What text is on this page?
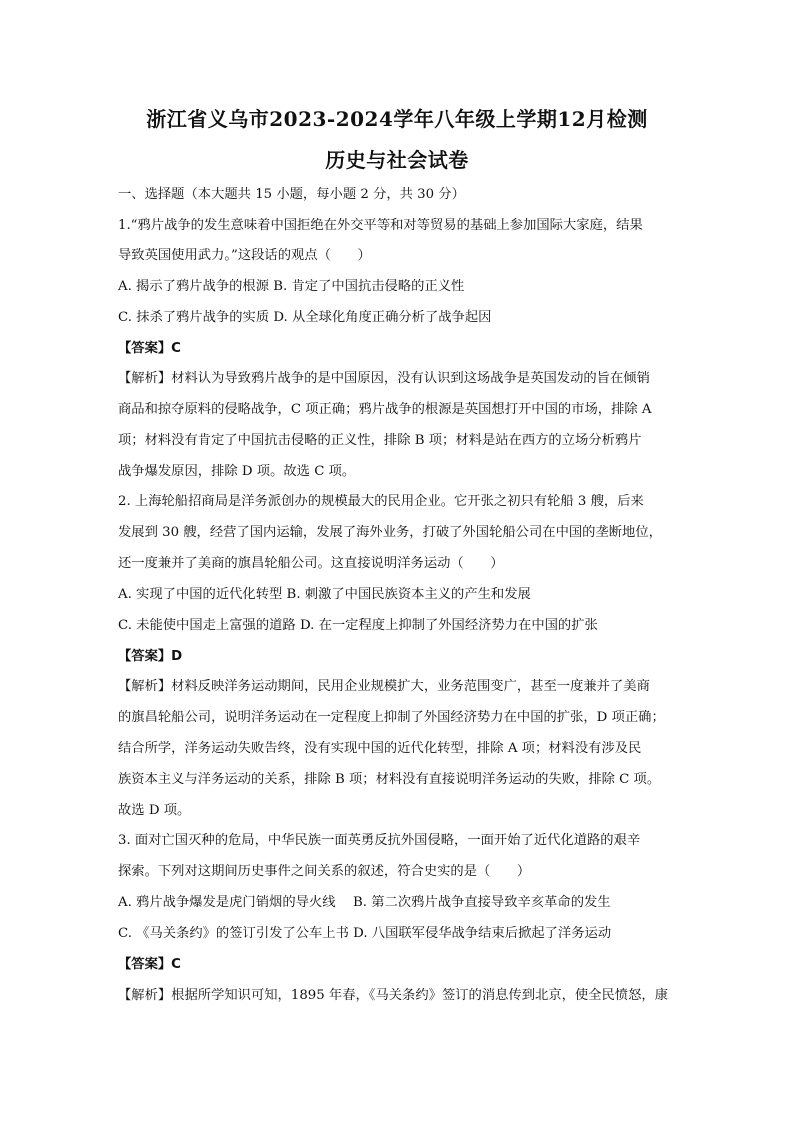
浙江省义乌市2023-2024学年八年级上学期12月检测
历史与社会试卷
一、选择题（本大题共 15 小题，每小题 2 分，共 30 分）
1.“鸦片战争的发生意味着中国拒绝在外交平等和对等贸易的基础上参加国际大家庭，结果
导致英国使用武力。”这段话的观点（　　）
A. 揭示了鸦片战争的根源 B. 肯定了中国抗击侵略的正义性
C. 抹杀了鸦片战争的实质 D. 从全球化角度正确分析了战争起因
【答案】C
【解析】材料认为导致鸦片战争的是中国原因，没有认识到这场战争是英国发动的旨在倾销
商品和掠夺原料的侵略战争，C 项正确；鸦片战争的根源是英国想打开中国的市场，排除 A
项；材料没有肯定了中国抗击侵略的正义性，排除 B 项；材料是站在西方的立场分析鸦片
战争爆发原因，排除 D 项。故选 C 项。
2. 上海轮船招商局是洋务派创办的规模最大的民用企业。它开张之初只有轮船 3 艘，后来
发展到 30 艘，经营了国内运输，发展了海外业务，打破了外国轮船公司在中国的垄断地位，
还一度兼并了美商的旗昌轮船公司。这直接说明洋务运动（　　）
A. 实现了中国的近代化转型 B. 刺激了中国民族资本主义的产生和发展
C. 未能使中国走上富强的道路 D. 在一定程度上抑制了外国经济势力在中国的扩张
【答案】D
【解析】材料反映洋务运动期间，民用企业规模扩大，业务范围变广，甚至一度兼并了美商
的旗昌轮船公司，说明洋务运动在一定程度上抑制了外国经济势力在中国的扩张，D 项正确；
结合所学，洋务运动失败告终，没有实现中国的近代化转型，排除 A 项；材料没有涉及民
族资本主义与洋务运动的关系，排除 B 项；材料没有直接说明洋务运动的失败，排除 C 项。
故选 D 项。
3. 面对亡国灭种的危局，中华民族一面英勇反抗外国侵略，一面开始了近代化道路的艰辛
探索。下列对这期间历史事件之间关系的叙述，符合史实的是（　　）
A. 鸦片战争爆发是虎门销烟的导火线　 B. 第二次鸦片战争直接导致辛亥革命的发生
C. 《马关条约》的签订引发了公车上书 D. 八国联军侵华战争结束后掀起了洋务运动
【答案】C
【解析】根据所学知识可知，1895 年春，《马关条约》签订的消息传到北京，使全民愤怒，康
